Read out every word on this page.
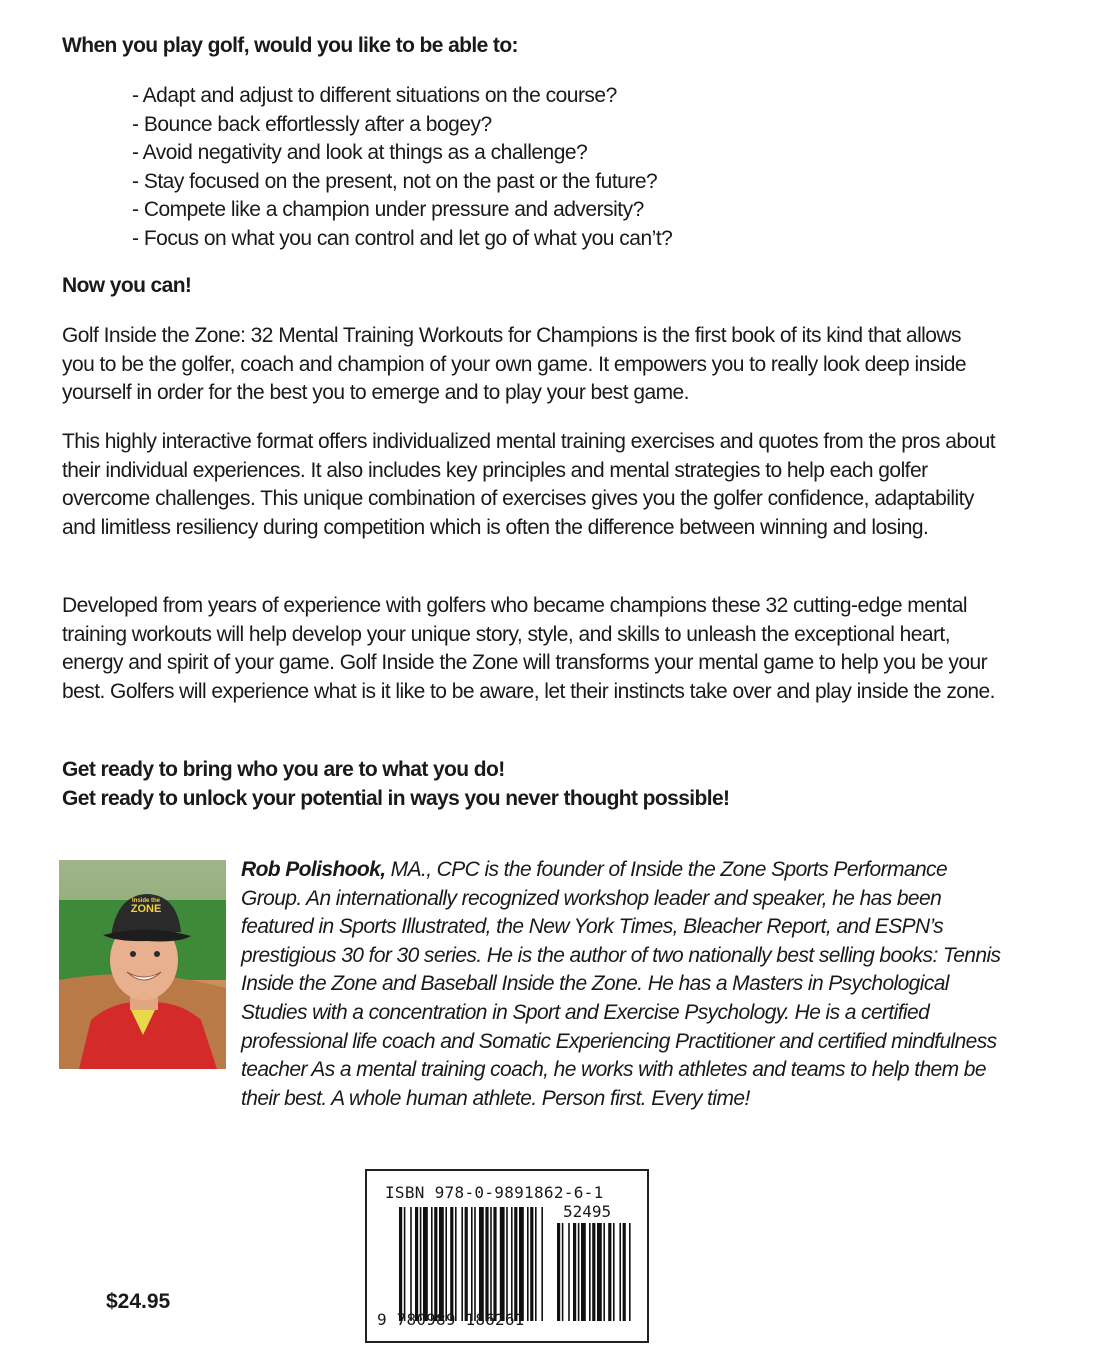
When you play golf, would you like to be able to:
- Adapt and adjust to different situations on the course?
- Bounce back effortlessly after a bogey?
- Avoid negativity and look at things as a challenge?
- Stay focused on the present, not on the past or the future?
- Compete like a champion under pressure and adversity?
- Focus on what you can control and let go of what you can’t?
Now you can!

Golf Inside the Zone: 32 Mental Training Workouts for Champions is the first book of its kind that allows you to be the golfer, coach and champion of your own game. It empowers you to really look deep inside yourself in order for the best you to emerge and to play your best game.

This highly interactive format offers individualized mental training exercises and quotes from the pros about their individual experiences. It also includes key principles and mental strategies to help each golfer overcome challenges. This unique combination of exercises gives you the golfer confidence, adaptability and limitless resiliency during competition which is often the difference between winning and losing.

Developed from years of experience with golfers who became champions these 32 cutting-edge mental training workouts will help develop your unique story, style, and skills to unleash the exceptional heart, energy and spirit of your game. Golf Inside the Zone will transforms your mental game to help you be your best. Golfers will experience what is it like to be aware, let their instincts take over and play inside the zone.

Get ready to bring who you are to what you do!
Get ready to unlock your potential in ways you never thought possible!
Inside the
ZONE

Rob Polishook, MA., CPC is the founder of Inside the Zone Sports Performance Group. An internationally recognized workshop leader and speaker, he has been featured in Sports Illustrated, the New York Times, Bleacher Report, and ESPN’s prestigious 30 for 30 series. He is the author of two nationally best selling books: Tennis Inside the Zone and Baseball Inside the Zone. He has a Masters in Psychological Studies with a concentration in Sport and Exercise Psychology. He is a certified professional life coach and Somatic Experiencing Practitioner and certified mindfulness teacher As a mental training coach, he works with athletes and teams to help them be their best. A whole human athlete. Person first. Every time!

$24.95
ISBN 978-0-9891862-6-1
52495
9 780989 186261
